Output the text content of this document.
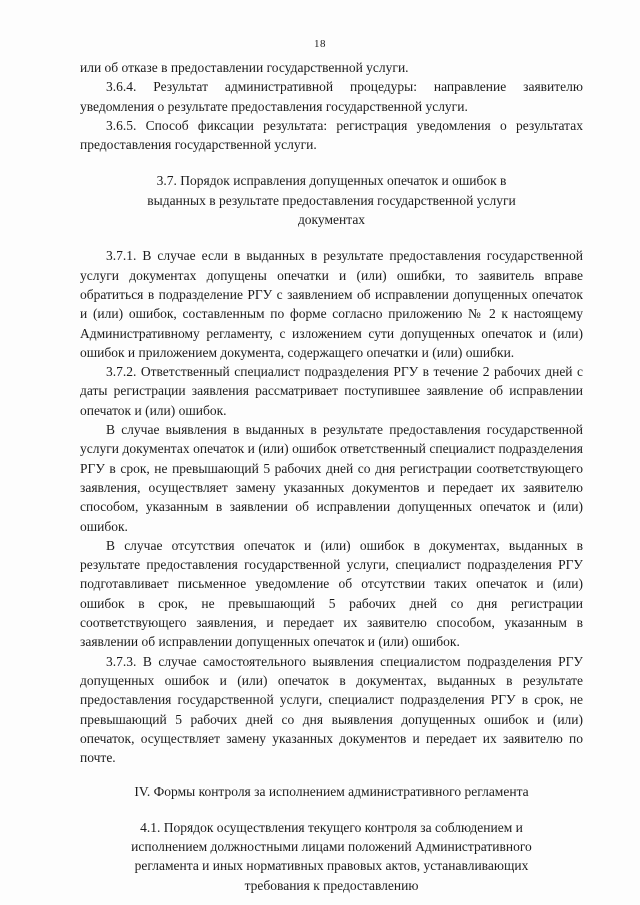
18

или об отказе в предоставлении государственной услуги.

3.6.4. Результат административной процедуры: направление заявителю уведомления о результате предоставления государственной услуги.

3.6.5. Способ фиксации результата: регистрация уведомления о результатах предоставления государственной услуги.

3.7. Порядок исправления допущенных опечаток и ошибок в выданных в результате предоставления государственной услуги документах

3.7.1. В случае если в выданных в результате предоставления государственной услуги документах допущены опечатки и (или) ошибки, то заявитель вправе обратиться в подразделение РГУ с заявлением об исправлении допущенных опечаток и (или) ошибок, составленным по форме согласно приложению № 2 к настоящему Административному регламенту, с изложением сути допущенных опечаток и (или) ошибок и приложением документа, содержащего опечатки и (или) ошибки.

3.7.2. Ответственный специалист подразделения РГУ в течение 2 рабочих дней с даты регистрации заявления рассматривает поступившее заявление об исправлении опечаток и (или) ошибок.

В случае выявления в выданных в результате предоставления государственной услуги документах опечаток и (или) ошибок ответственный специалист подразделения РГУ в срок, не превышающий 5 рабочих дней со дня регистрации соответствующего заявления, осуществляет замену указанных документов и передает их заявителю способом, указанным в заявлении об исправлении допущенных опечаток и (или) ошибок.

В случае отсутствия опечаток и (или) ошибок в документах, выданных в результате предоставления государственной услуги, специалист подразделения РГУ подготавливает письменное уведомление об отсутствии таких опечаток и (или) ошибок в срок, не превышающий 5 рабочих дней со дня регистрации соответствующего заявления, и передает их заявителю способом, указанным в заявлении об исправлении допущенных опечаток и (или) ошибок.

3.7.3. В случае самостоятельного выявления специалистом подразделения РГУ допущенных ошибок и (или) опечаток в документах, выданных в результате предоставления государственной услуги, специалист подразделения РГУ в срок, не превышающий 5 рабочих дней со дня выявления допущенных ошибок и (или) опечаток, осуществляет замену указанных документов и передает их заявителю по почте.

IV. Формы контроля за исполнением административного регламента

4.1. Порядок осуществления текущего контроля за соблюдением и исполнением должностными лицами положений Административного регламента и иных нормативных правовых актов, устанавливающих требования к предоставлению
